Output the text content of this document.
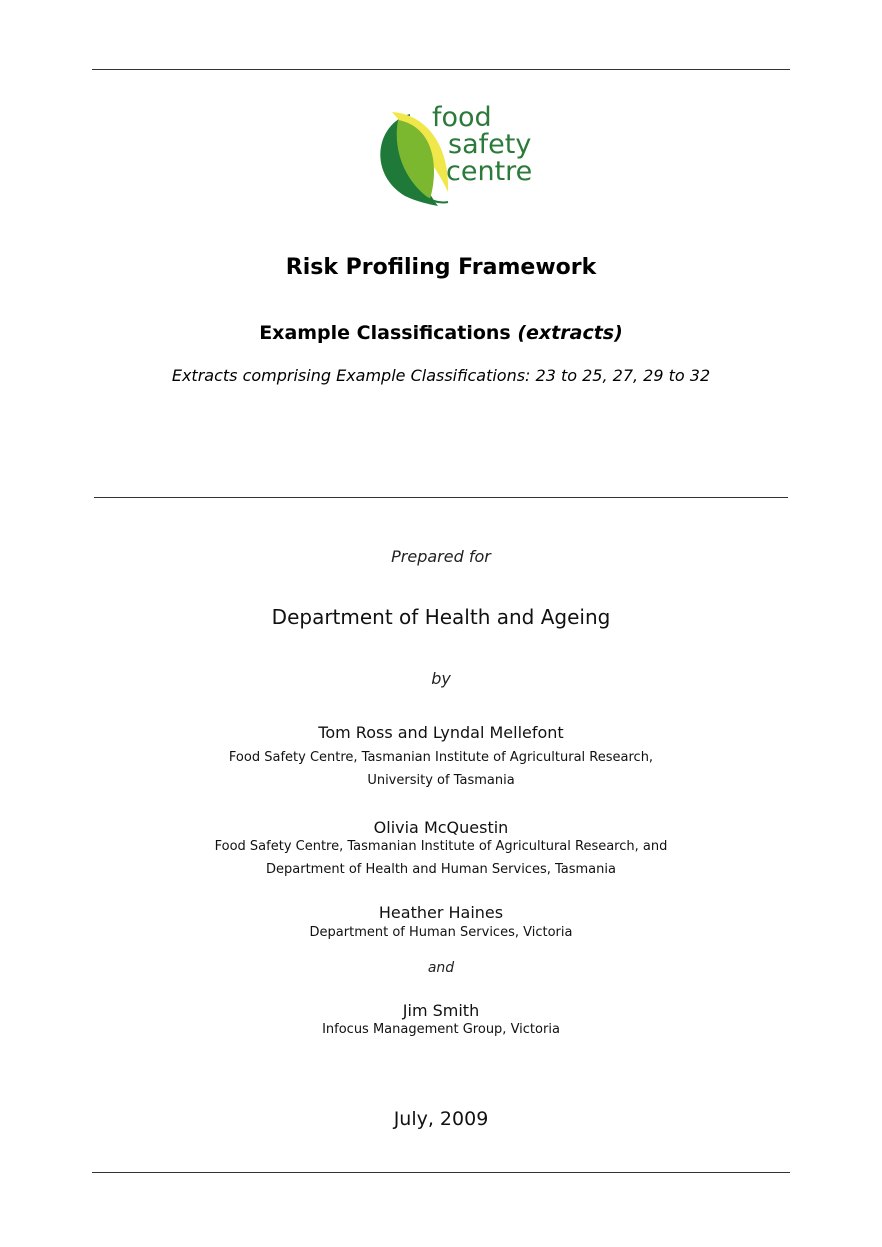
food
safety
centre
Risk Profiling Framework
Example Classifications (extracts)
Extracts comprising Example Classifications: 23 to 25, 27, 29 to 32
Prepared for
Department of Health and Ageing
by
Tom Ross and Lyndal Mellefont
Food Safety Centre, Tasmanian Institute of Agricultural Research,
University of Tasmania
Olivia McQuestin
Food Safety Centre, Tasmanian Institute of Agricultural Research, and
Department of Health and Human Services, Tasmania
Heather Haines
Department of Human Services, Victoria
and
Jim Smith
Infocus Management Group, Victoria
July, 2009
